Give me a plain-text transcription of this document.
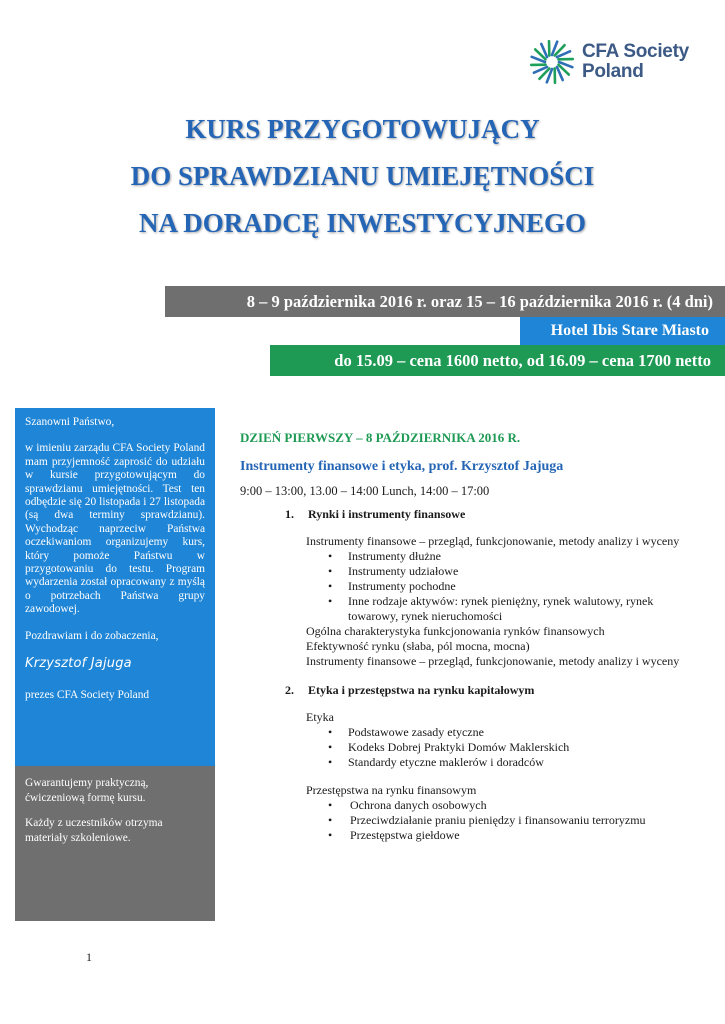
CFA Society
Poland
KURS PRZYGOTOWUJĄCY
DO SPRAWDZIANU UMIEJĘTNOŚCI
NA DORADCĘ INWESTYCYJNEGO
8 – 9 października 2016 r. oraz 15 – 16 października 2016 r. (4 dni)
Hotel Ibis Stare Miasto
do 15.09 – cena 1600 netto, od 16.09 – cena 1700 netto

Szanowni Państwo,

w imieniu zarządu CFA Society Poland mam przyjemność zaprosić do udziału w kursie przygotowującym do sprawdzianu umiejętności. Test ten odbędzie się 20 listopada i 27 listopada (są dwa terminy sprawdzianu). Wychodząc naprzeciw Państwa oczekiwaniom organizujemy kurs, który pomoże Państwu w przygotowaniu do testu. Program wydarzenia został opracowany z myślą o potrzebach Państwa grupy zawodowej.

Pozdrawiam i do zobaczenia,

Krzysztof Jajuga

prezes CFA Society Poland

Gwarantujemy praktyczną, ćwiczeniową formę kursu.

Każdy z uczestników otrzyma materiały szkoleniowe.

DZIEŃ PIERWSZY – 8 PAŹDZIERNIKA 2016 R.
Instrumenty finansowe i etyka, prof. Krzysztof Jajuga
9:00 – 13:00, 13.00 – 14:00 Lunch, 14:00 – 17:00
1.	Rynki i instrumenty finansowe
Instrumenty finansowe – przegląd, funkcjonowanie, metody analizy i wyceny
• Instrumenty dłużne
• Instrumenty udziałowe
• Instrumenty pochodne
• Inne rodzaje aktywów: rynek pieniężny, rynek walutowy, rynek towarowy, rynek nieruchomości
Ogólna charakterystyka funkcjonowania rynków finansowych
Efektywność rynku (słaba, pól mocna, mocna)
Instrumenty finansowe – przegląd, funkcjonowanie, metody analizy i wyceny
2.	Etyka i przestępstwa na rynku kapitałowym
Etyka
• Podstawowe zasady etyczne
• Kodeks Dobrej Praktyki Domów Maklerskich
• Standardy etyczne maklerów i doradców
Przestępstwa na rynku finansowym
• Ochrona danych osobowych
• Przeciwdziałanie praniu pieniędzy i finansowaniu terroryzmu
• Przestępstwa giełdowe
1
